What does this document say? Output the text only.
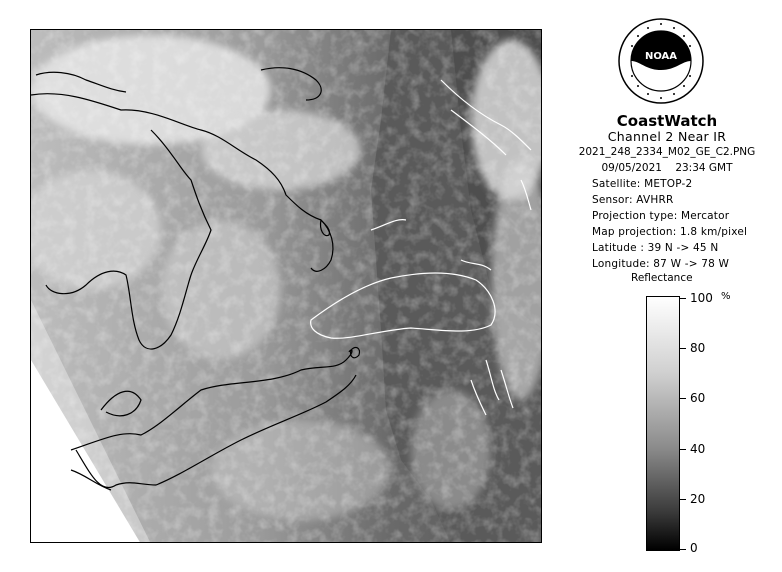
NOAA
CoastWatch
Channel 2 Near IR
2021_248_2334_M02_GE_C2.PNG
09/05/2021    23:34 GMT
Satellite: METOP-2
Sensor: AVHRR
Projection type: Mercator
Map projection: 1.8 km/pixel
Latitude : 39 N -> 45 N
Longitude: 87 W -> 78 W
Reflectance
%
100
80
60
40
20
0
